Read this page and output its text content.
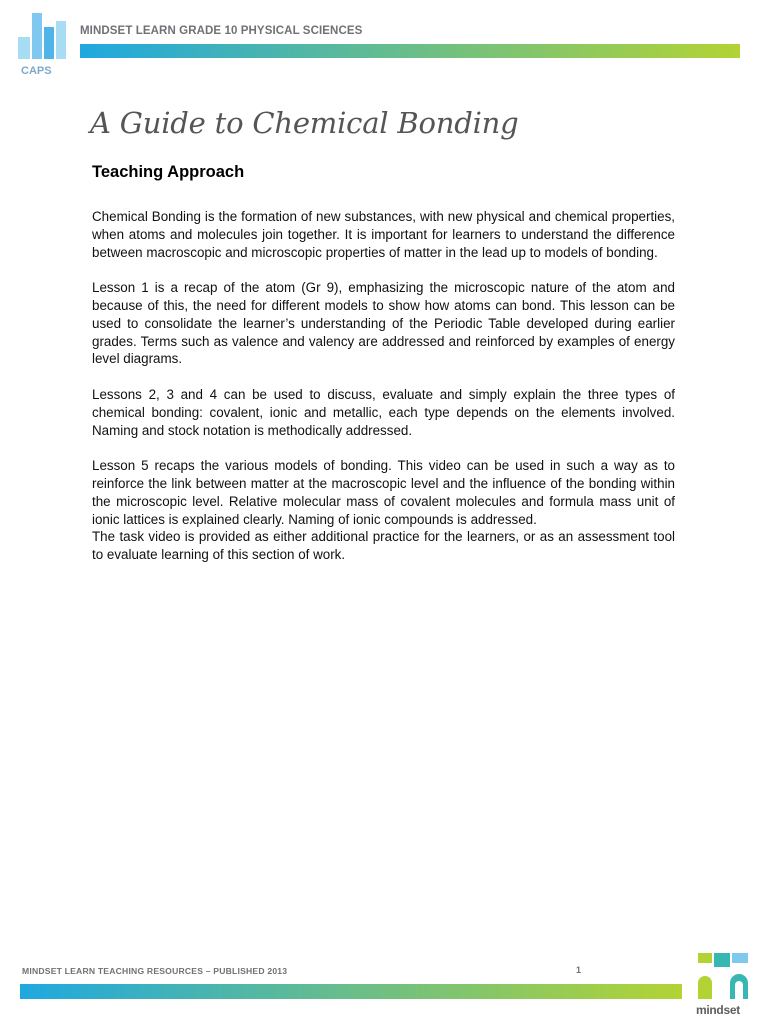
CAPS
MINDSET LEARN GRADE 10 PHYSICAL SCIENCES
A Guide to Chemical Bonding
Teaching Approach

Chemical Bonding is the formation of new substances, with new physical and chemical properties, when atoms and molecules join together. It is important for learners to understand the difference between macroscopic and microscopic properties of matter in the lead up to models of bonding.

Lesson 1 is a recap of the atom (Gr 9), emphasizing the microscopic nature of the atom and because of this, the need for different models to show how atoms can bond. This lesson can be used to consolidate the learner’s understanding of the Periodic Table developed during earlier grades. Terms such as valence and valency are addressed and reinforced by examples of energy level diagrams.

Lessons 2, 3 and 4 can be used to discuss, evaluate and simply explain the three types of chemical bonding: covalent, ionic and metallic, each type depends on the elements involved. Naming and stock notation is methodically addressed.

Lesson 5 recaps the various models of bonding. This video can be used in such a way as to reinforce the link between matter at the macroscopic level and the influence of the bonding within the microscopic level. Relative molecular mass of covalent molecules and formula mass unit of ionic lattices is explained clearly. Naming of ionic compounds is addressed.

The task video is provided as either additional practice for the learners, or as an assessment tool to evaluate learning of this section of work.

MINDSET LEARN TEACHING RESOURCES – PUBLISHED 2013	1
mindset
